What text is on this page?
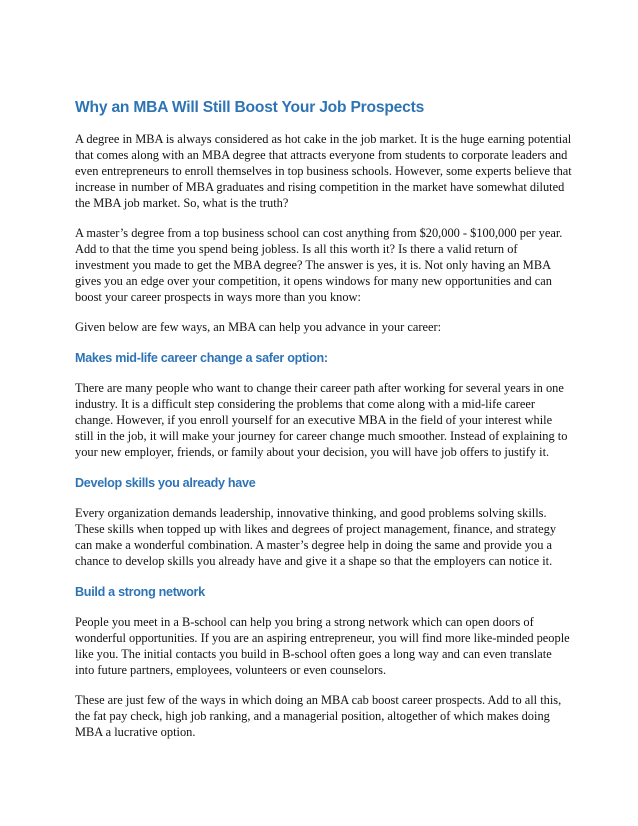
Why an MBA Will Still Boost Your Job Prospects

A degree in MBA is always considered as hot cake in the job market. It is the huge earning potential that comes along with an MBA degree that attracts everyone from students to corporate leaders and even entrepreneurs to enroll themselves in top business schools. However, some experts believe that increase in number of MBA graduates and rising competition in the market have somewhat diluted the MBA job market. So, what is the truth?

A master’s degree from a top business school can cost anything from $20,000 - $100,000 per year. Add to that the time you spend being jobless. Is all this worth it? Is there a valid return of investment you made to get the MBA degree? The answer is yes, it is. Not only having an MBA gives you an edge over your competition, it opens windows for many new opportunities and can boost your career prospects in ways more than you know:

Given below are few ways, an MBA can help you advance in your career:

Makes mid-life career change a safer option:

There are many people who want to change their career path after working for several years in one industry. It is a difficult step considering the problems that come along with a mid-life career change. However, if you enroll yourself for an executive MBA in the field of your interest while still in the job, it will make your journey for career change much smoother. Instead of explaining to your new employer, friends, or family about your decision, you will have job offers to justify it.

Develop skills you already have

Every organization demands leadership, innovative thinking, and good problems solving skills. These skills when topped up with likes and degrees of project management, finance, and strategy can make a wonderful combination. A master’s degree help in doing the same and provide you a chance to develop skills you already have and give it a shape so that the employers can notice it.

Build a strong network

People you meet in a B-school can help you bring a strong network which can open doors of wonderful opportunities. If you are an aspiring entrepreneur, you will find more like-minded people like you. The initial contacts you build in B-school often goes a long way and can even translate into future partners, employees, volunteers or even counselors.

These are just few of the ways in which doing an MBA cab boost career prospects. Add to all this, the fat pay check, high job ranking, and a managerial position, altogether of which makes doing MBA a lucrative option.
